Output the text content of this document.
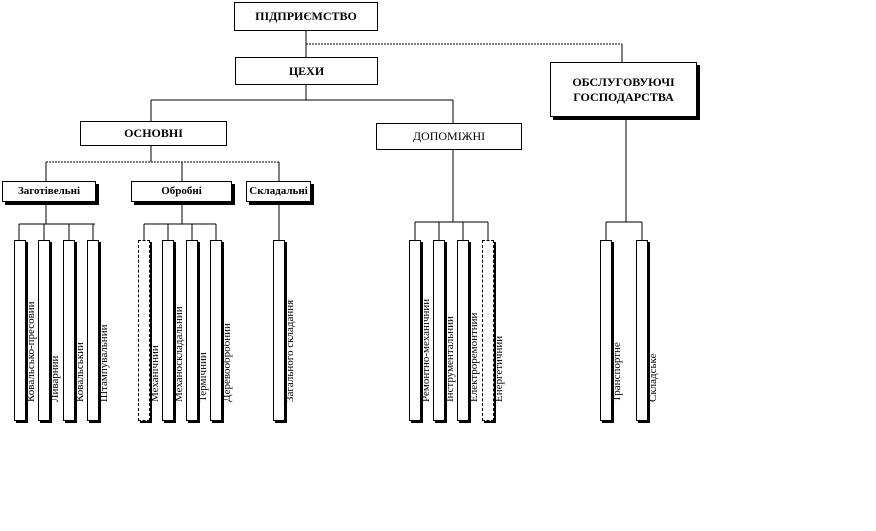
ПІДПРИЄМСТВО
ЦЕХИ
ОБСЛУГОВУЮЧІ ГОСПОДАРСТВА
ОСНОВНІ	ДОПОМІЖНІ
Заготівельні	Обробні	Складальні
Ковальсько-пресовий Ливарний Ковальський Штампувальний	Механічний Механоскладальний Термічний Деревообробний	Загального складання	Ремонтно-механічний Інструментальний Електроремонтний Енергетичний	Транспортне Складське
